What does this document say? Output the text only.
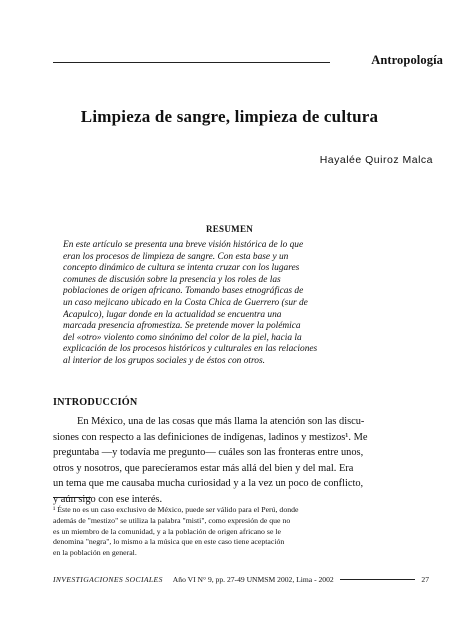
Antropología
Limpieza de sangre, limpieza de cultura
Hayalée Quiroz Malca
RESUMEN
En este artículo se presenta una breve visión histórica de lo que
eran los procesos de limpieza de sangre. Con esta base y un
concepto dinámico de cultura se intenta cruzar con los lugares
comunes de discusión sobre la presencia y los roles de las
poblaciones de origen africano. Tomando bases etnográficas de
un caso mejicano ubicado en la Costa Chica de Guerrero (sur de
Acapulco), lugar donde en la actualidad se encuentra una
marcada presencia afromestiza. Se pretende mover la polémica
del «otro» violento como sinónimo del color de la piel, hacia la
explicación de los procesos históricos y culturales en las relaciones
al interior de los grupos sociales y de éstos con otros.
INTRODUCCIÓN
En México, una de las cosas que más llama la atención son las discu-
siones con respecto a las definiciones de indígenas, ladinos y mestizos¹. Me
preguntaba —y todavía me pregunto— cuáles son las fronteras entre unos,
otros y nosotros, que parecíeramos estar más allá del bien y del mal. Era
un tema que me causaba mucha curiosidad y a la vez un poco de conflicto,
y aún sigo con ese interés.
¹ Éste no es un caso exclusivo de México, puede ser válido para el Perú, donde
además de "mestizo" se utiliza la palabra "misti", como expresión de que no
es un miembro de la comunidad, y a la población de origen africano se le
denomina "negra", lo mismo a la música que en este caso tiene aceptación
en la población en general.
INVESTIGACIONES SOCIALES Año VI N° 9, pp. 27-49 UNMSM 2002, Lima - 2002	27
